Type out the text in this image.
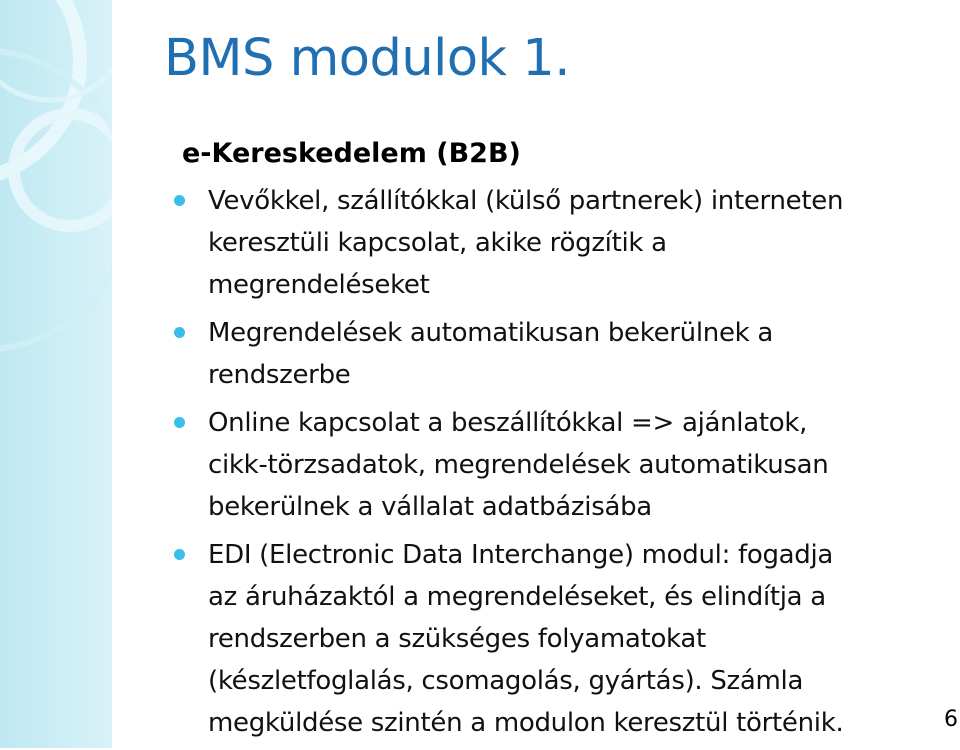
BMS modulok 1.
e-Kereskedelem (B2B)
Vevőkkel, szállítókkal (külső partnerek) interneten
keresztüli kapcsolat, akike rögzítik a
megrendeléseket
Megrendelések automatikusan bekerülnek a
rendszerbe
Online kapcsolat a beszállítókkal => ajánlatok,
cikk-törzsadatok, megrendelések automatikusan
bekerülnek a vállalat adatbázisába
EDI (Electronic Data Interchange) modul: fogadja
az áruházaktól a megrendeléseket, és elindítja a
rendszerben a szükséges folyamatokat
(készletfoglalás, csomagolás, gyártás). Számla
megküldése szintén a modulon keresztül történik.	6
